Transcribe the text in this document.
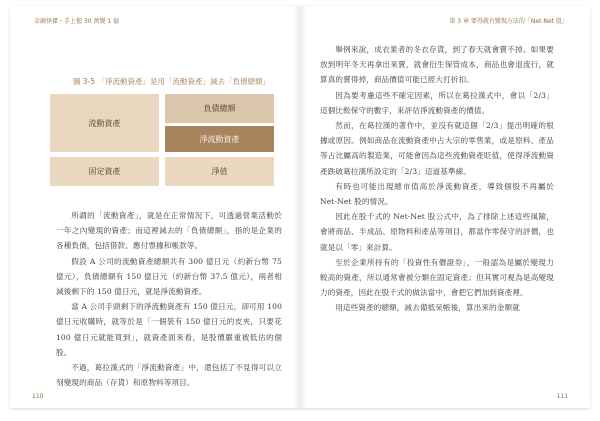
金融怪傑・手上握 30 萬變 1 億
圖 3-5 「淨流動資產」是用「流動資產」減去「負債總額」
流動資產
負債總額
淨流動資產
固定資產	淨值

所謂的「流動資產」，就是在正常情況下，可透過營業活動於一年之內變現的資產；而這裡減去的「負債總額」，指的是企業的各種負債，包括借款、應付票據和帳款等。

假設 A 公司的流動資產總額共有 300 億日元（約新台幣 75 億元），負債總額有 150 億日元（約新台幣 37.5 億元），兩者相減後剩下的 150 億日元，就是淨流動資產。

當 A 公司手頭剩下的淨流動資產有 150 億日元，卻可用 100 億日元收購時，就等於是「一個裝有 150 億日元的皮夾，只要花 100 億日元就能買到」，就資產面來看，是股價嚴重被低估的個股。

不過，葛拉漢式的「淨流動資產」中，還包括了不見得可以立刻變現的商品（存貨）和原物料等項目。

110
第 3 章 要得就有變現方法的「Net-Net 股」

舉例來說，成衣業者的冬衣存貨，到了春天就會賣不掉。如果要放到明年冬天再拿出來賣，就會衍生保管成本，商品也會退流行，就算真的賣得掉，商品價值可能已經大打折扣。

因為要考慮這些不確定因素，所以在葛拉漢式中，會以「2/3」這個比較保守的數字，來評估淨流動資產的價值。

然而，在葛拉漢的著作中，並沒有就這個「2/3」提出明確的根據或原因。例如商品在流動資產中占大宗的零售業，或是原料、產品等占比屬高的製造業，可能會因為這些流動資產貶值，使得淨流動資產跌破葛拉漢所設定的「2/3」這道基準線。

有時也可能出現總市值高於淨流動資產，導致個股不再屬於 Net-Net 股的情況。

因此在股千式的 Net-Net 股公式中，為了排除上述這些風險，會將商品、半成品、原物料和產品等項目，都當作零保守的評價，也就是以「零」來計算。

至於企業所持有的「投資性有價證券」，一般認為是屬於變現力較高的資產，所以通常會被分類在固定資產；但其實可視為是高變現力的資產，因此在股千式的做法當中，會把它們加到資產裡。

用這些資產的總額，減去備抵呆帳後，算出來的金額就

111
